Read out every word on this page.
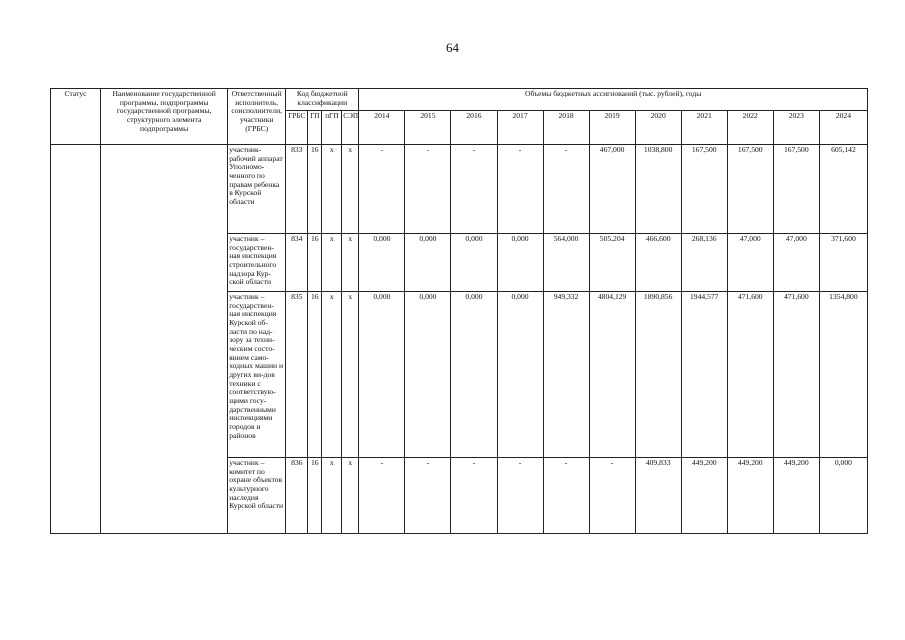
64
Статус	Наименование государственной программы, подпрограммы государственной программы, структурного элемента подпрограммы	Ответственный исполнитель, соисполнители, участники (ГРБС)	Код бюджетной классификации				Объемы бюджетных ассигнований (тыс. рублей), годы										
			ГРБС	ГП	пГП	СЭП	2014	2015	2016	2017	2018	2019	2020	2021	2022	2023	2024
		участник-рабочий аппарат Уполномо-ченного по правам ребенка в Курской области	833	16	х	х	-	-	-	-	-	467,000	1038,800	167,500	167,500	167,500	605,142
		участник – государствен-ная инспекция строительного надзора Кур-ской области	834	16	х	х	0,000	0,000	0,000	0,000	564,000	505,204	466,600	268,136	47,000	47,000	371,600
		участник – государствен-ная инспекция Курской об-ласти по над-зору за техни-ческим состо-янием само-ходных машин и других ви-дов техники с соответствую-щими госу-дарственными инспекциями городов и районов	835	16	х	х	0,000	0,000	0,000	0,000	949,332	4804,129	1890,856	1944,577	471,600	471,600	1354,800
		участник – комитет по охране объектов культурного наследия Курской области	836	16	х	х	-	-	-	-	-	-	409,833	449,200	449,200	449,200	0,000
